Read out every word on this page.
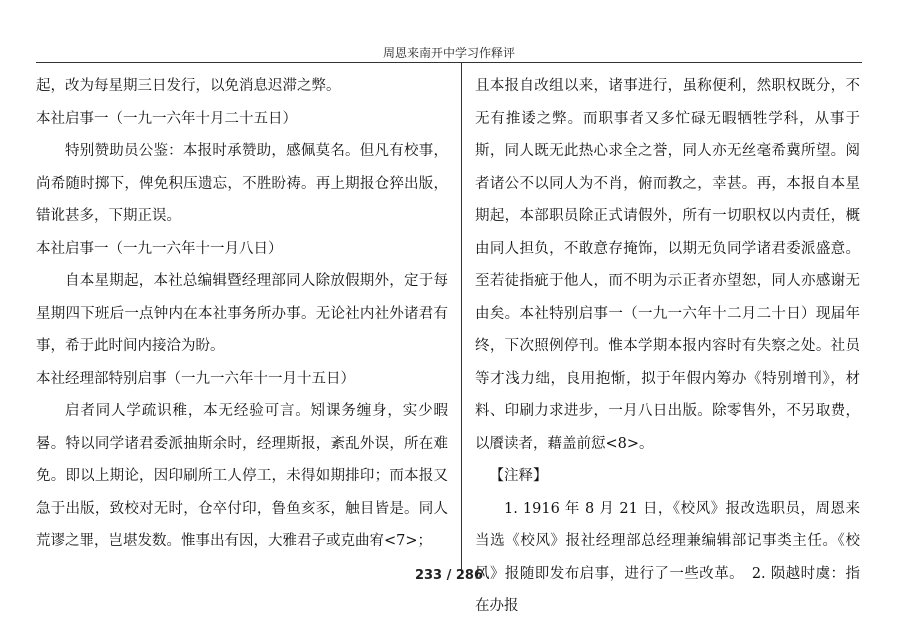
周恩来南开中学习作释评

起，改为每星期三日发行，以免消息迟滞之弊。

本社启事一（一九一六年十月二十五日）

特别赞助员公鉴：本报时承赞助，感佩莫名。但凡有校事，尚希随时掷下，俾免积压遗忘，不胜盼祷。再上期报仓猝出版，错讹甚多，下期正误。

本社启事一（一九一六年十一月八日）

自本星期起，本社总编辑暨经理部同人除放假期外，定于每星期四下班后一点钟内在本社事务所办事。无论社内社外诸君有事，希于此时间内接洽为盼。

本社经理部特别启事（一九一六年十一月十五日）

启者同人学疏识稚，本无经验可言。矧课务缠身，实少暇晷。特以同学诸君委派抽斯余时，经理斯报，紊乱外误，所在难免。即以上期论，因印刷所工人停工，未得如期排印；而本报又急于出版，致校对无时，仓卒付印，鲁鱼亥豕，触目皆是。同人荒谬之罪，岂堪发数。惟事出有因，大雅君子或克曲宥<7>；

且本报自改组以来，诸事进行，虽称便利，然职权既分，不无有推诿之弊。而职事者又多忙碌无暇牺牲学科，从事于斯，同人既无此热心求全之誉，同人亦无丝毫希冀所望。阅者诸公不以同人为不肖，俯而教之，幸甚。再，本报自本星期起，本部职员除正式请假外，所有一切职权以内责任，概由同人担负，不敢意存掩饰，以期无负同学诸君委派盛意。至若徒指疵于他人，而不明为示正者亦望恕，同人亦感谢无由矣。本社特别启事一（一九一六年十二月二十日）现届年终，下次照例停刊。惟本学期本报内容时有失察之处。社员等才浅力绌，良用抱惭，拟于年假内筹办《特别增刊》，材料、印刷力求进步，一月八日出版。除零售外，不另取费，以餍读者，藉盖前愆<8>。

【注释】

1. 1916 年 8 月 21 日，《校风》报改选职员，周恩来当选《校风》报社经理部总经理兼编辑部记事类主任。《校风》报随即发布启事，进行了一些改革。　2. 陨越时虞：指在办报

233 / 286
